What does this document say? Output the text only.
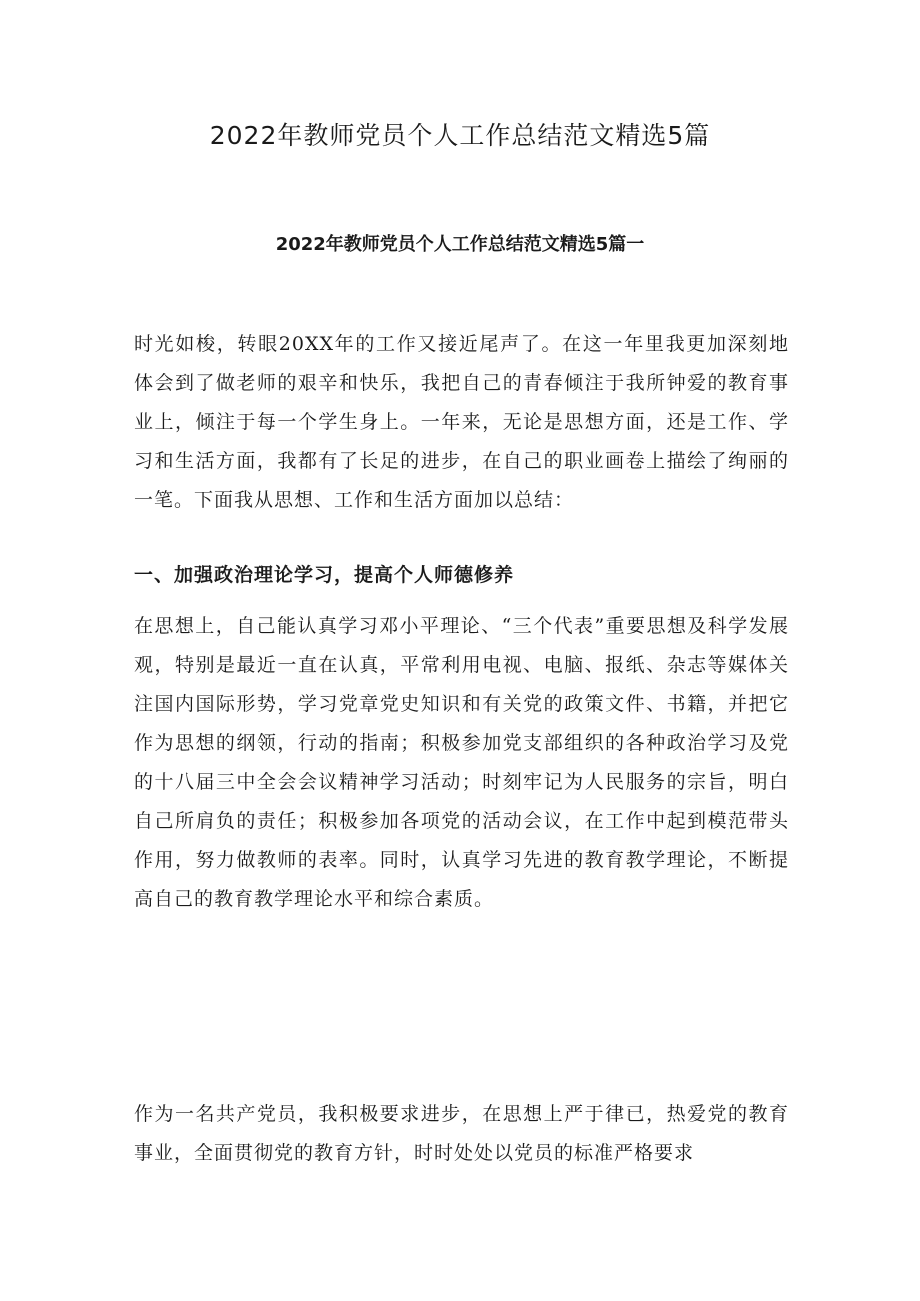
2022年教师党员个人工作总结范文精选5篇
2022年教师党员个人工作总结范文精选5篇一

时光如梭，转眼20XX年的工作又接近尾声了。在这一年里我更加深刻地体会到了做老师的艰辛和快乐，我把自己的青春倾注于我所钟爱的教育事业上，倾注于每一个学生身上。一年来，无论是思想方面，还是工作、学习和生活方面，我都有了长足的进步，在自己的职业画卷上描绘了绚丽的一笔。下面我从思想、工作和生活方面加以总结：

一、加强政治理论学习，提高个人师德修养

在思想上，自己能认真学习邓小平理论、“三个代表”重要思想及科学发展观，特别是最近一直在认真，平常利用电视、电脑、报纸、杂志等媒体关注国内国际形势，学习党章党史知识和有关党的政策文件、书籍，并把它作为思想的纲领，行动的指南；积极参加党支部组织的各种政治学习及党的十八届三中全会会议精神学习活动；时刻牢记为人民服务的宗旨，明白自己所肩负的责任；积极参加各项党的活动会议，在工作中起到模范带头作用，努力做教师的表率。同时，认真学习先进的教育教学理论，不断提高自己的教育教学理论水平和综合素质。

作为一名共产党员，我积极要求进步，在思想上严于律已，热爱党的教育事业，全面贯彻党的教育方针，时时处处以党员的标准严格要求
